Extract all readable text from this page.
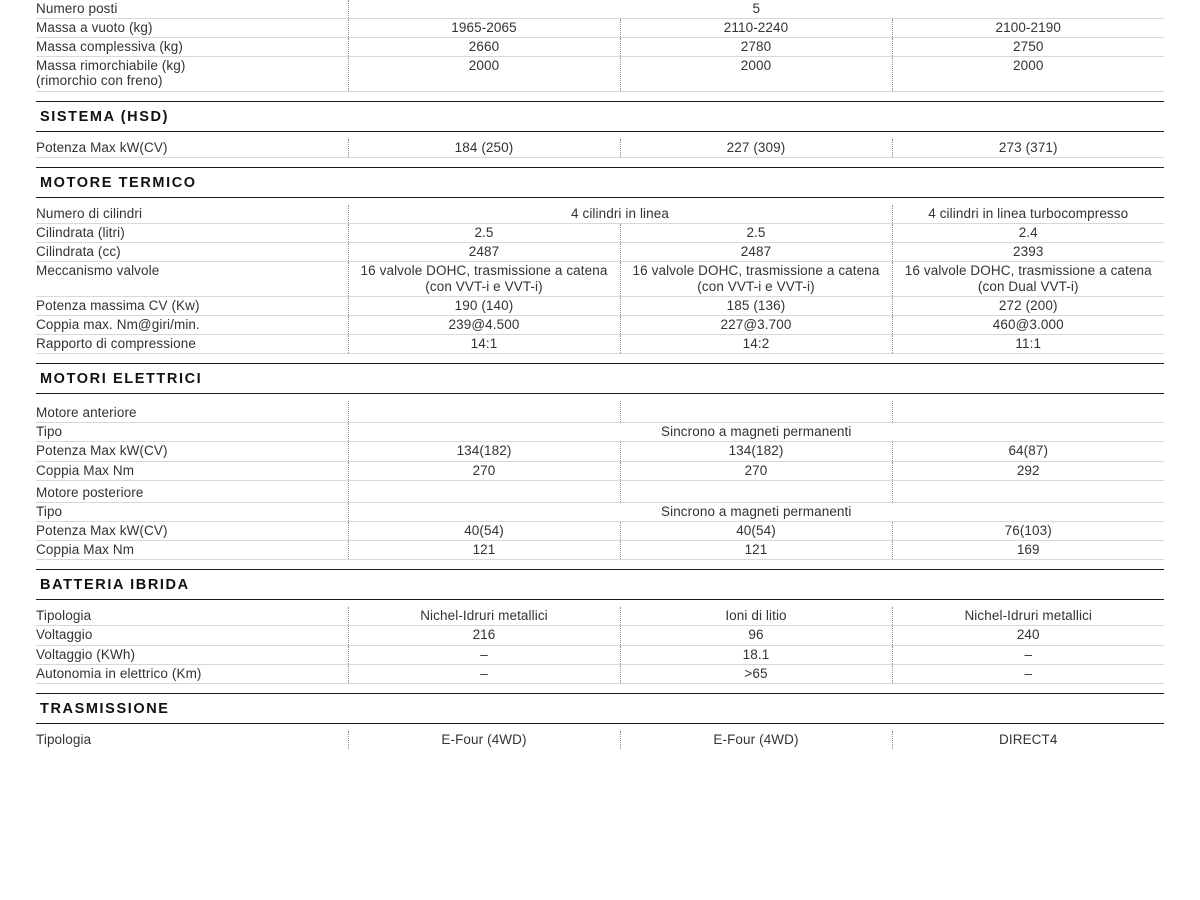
Numero posti	5		
Massa a vuoto (kg)	1965-2065	2110-2240	2100-2190
Massa complessiva (kg)	2660	2780	2750
Massa rimorchiabile (kg)
(rimorchio con freno)	2000	2000	2000

SISTEMA (HSD)			

Potenza Max kW(CV)	184 (250)	227 (309)	273 (371)

MOTORE TERMICO			

Numero di cilindri	4 cilindri in linea		4 cilindri in linea turbocompresso
Cilindrata (litri)	2.5	2.5	2.4
Cilindrata (cc)	2487	2487	2393
Meccanismo valvole	16 valvole DOHC, trasmissione a catena (con VVT-i e VVT-i)	16 valvole DOHC, trasmissione a catena (con VVT-i e VVT-i)	16 valvole DOHC, trasmissione a catena (con Dual VVT-i)
Potenza massima CV (Kw)	190 (140)	185 (136)	272 (200)
Coppia max. Nm@giri/min.	239@4.500	227@3.700	460@3.000
Rapporto di compressione	14:1	14:2	11:1

MOTORI ELETTRICI			

Motore anteriore			
Tipo	Sincrono a magneti permanenti		
Potenza Max kW(CV)	134(182)	134(182)	64(87)
Coppia Max Nm	270	270	292
Motore posteriore			
Tipo	Sincrono a magneti permanenti		
Potenza Max kW(CV)	40(54)	40(54)	76(103)
Coppia Max Nm	121	121	169

BATTERIA IBRIDA			

Tipologia	Nichel-Idruri metallici	Ioni di litio	Nichel-Idruri metallici
Voltaggio	216	96	240
Voltaggio (KWh)	–	18.1	–
Autonomia in elettrico (Km)	–	>65	–

TRASMISSIONE			

Tipologia	E-Four (4WD)	E-Four (4WD)	DIRECT4
